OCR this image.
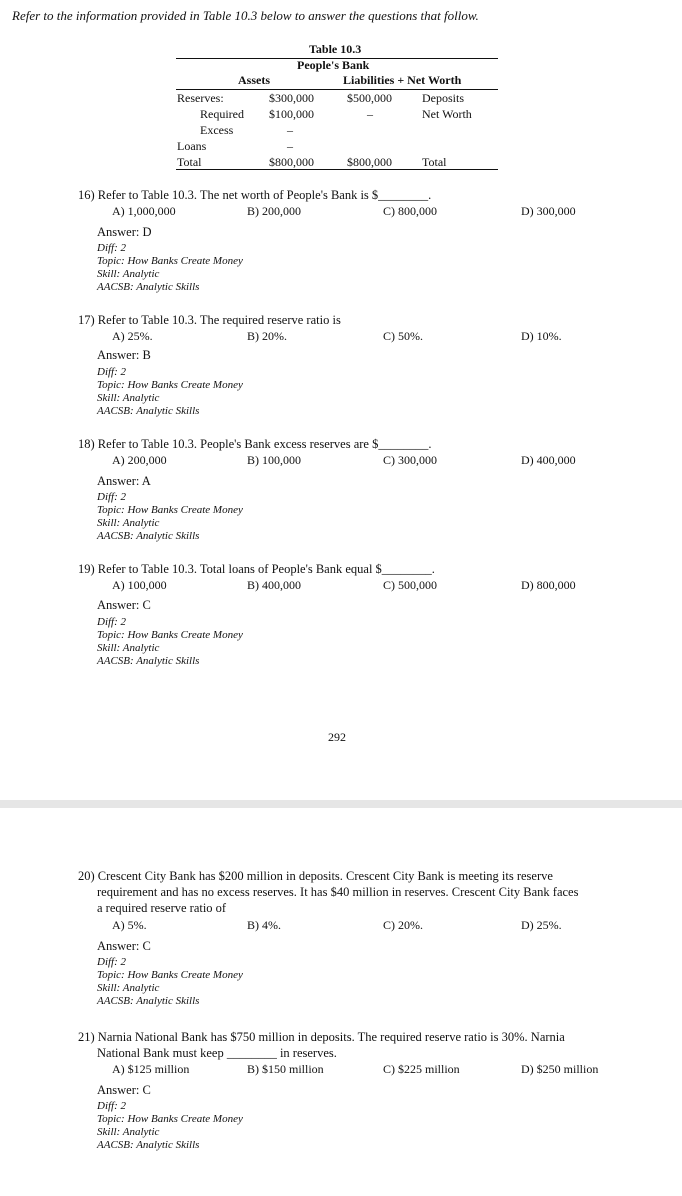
Refer to the information provided in Table 10.3 below to answer the questions that follow.
Table 10.3
People's Bank
Assets	Liabilities + Net Worth
Reserves:	$300,000	$500,000	Deposits
Required $100,000	–	Net Worth
Excess	–
Loans	–
Total	$800,000	$800,000	Total
16) Refer to Table 10.3. The net worth of People's Bank is $________.
A) 1,000,000	B) 200,000	C) 800,000	D) 300,000
Answer: D
Diff: 2
Topic: How Banks Create Money
Skill: Analytic
AACSB: Analytic Skills
17) Refer to Table 10.3. The required reserve ratio is
A) 25%.	B) 20%.	C) 50%.	D) 10%.
Answer: B
Diff: 2
Topic: How Banks Create Money
Skill: Analytic
AACSB: Analytic Skills
18) Refer to Table 10.3. People's Bank excess reserves are $________.
A) 200,000	B) 100,000	C) 300,000	D) 400,000
Answer: A
Diff: 2
Topic: How Banks Create Money
Skill: Analytic
AACSB: Analytic Skills
19) Refer to Table 10.3. Total loans of People's Bank equal $________.
A) 100,000	B) 400,000	C) 500,000	D) 800,000
Answer: C
Diff: 2
Topic: How Banks Create Money
Skill: Analytic
AACSB: Analytic Skills
292
20) Crescent City Bank has $200 million in deposits. Crescent City Bank is meeting its reserve
requirement and has no excess reserves. It has $40 million in reserves. Crescent City Bank faces
a required reserve ratio of
A) 5%.	B) 4%.	C) 20%.	D) 25%.
Answer: C
Diff: 2
Topic: How Banks Create Money
Skill: Analytic
AACSB: Analytic Skills
21) Narnia National Bank has $750 million in deposits. The required reserve ratio is 30%. Narnia
National Bank must keep ________ in reserves.
A) $125 million	B) $150 million	C) $225 million	D) $250 million
Answer: C
Diff: 2
Topic: How Banks Create Money
Skill: Analytic
AACSB: Analytic Skills
